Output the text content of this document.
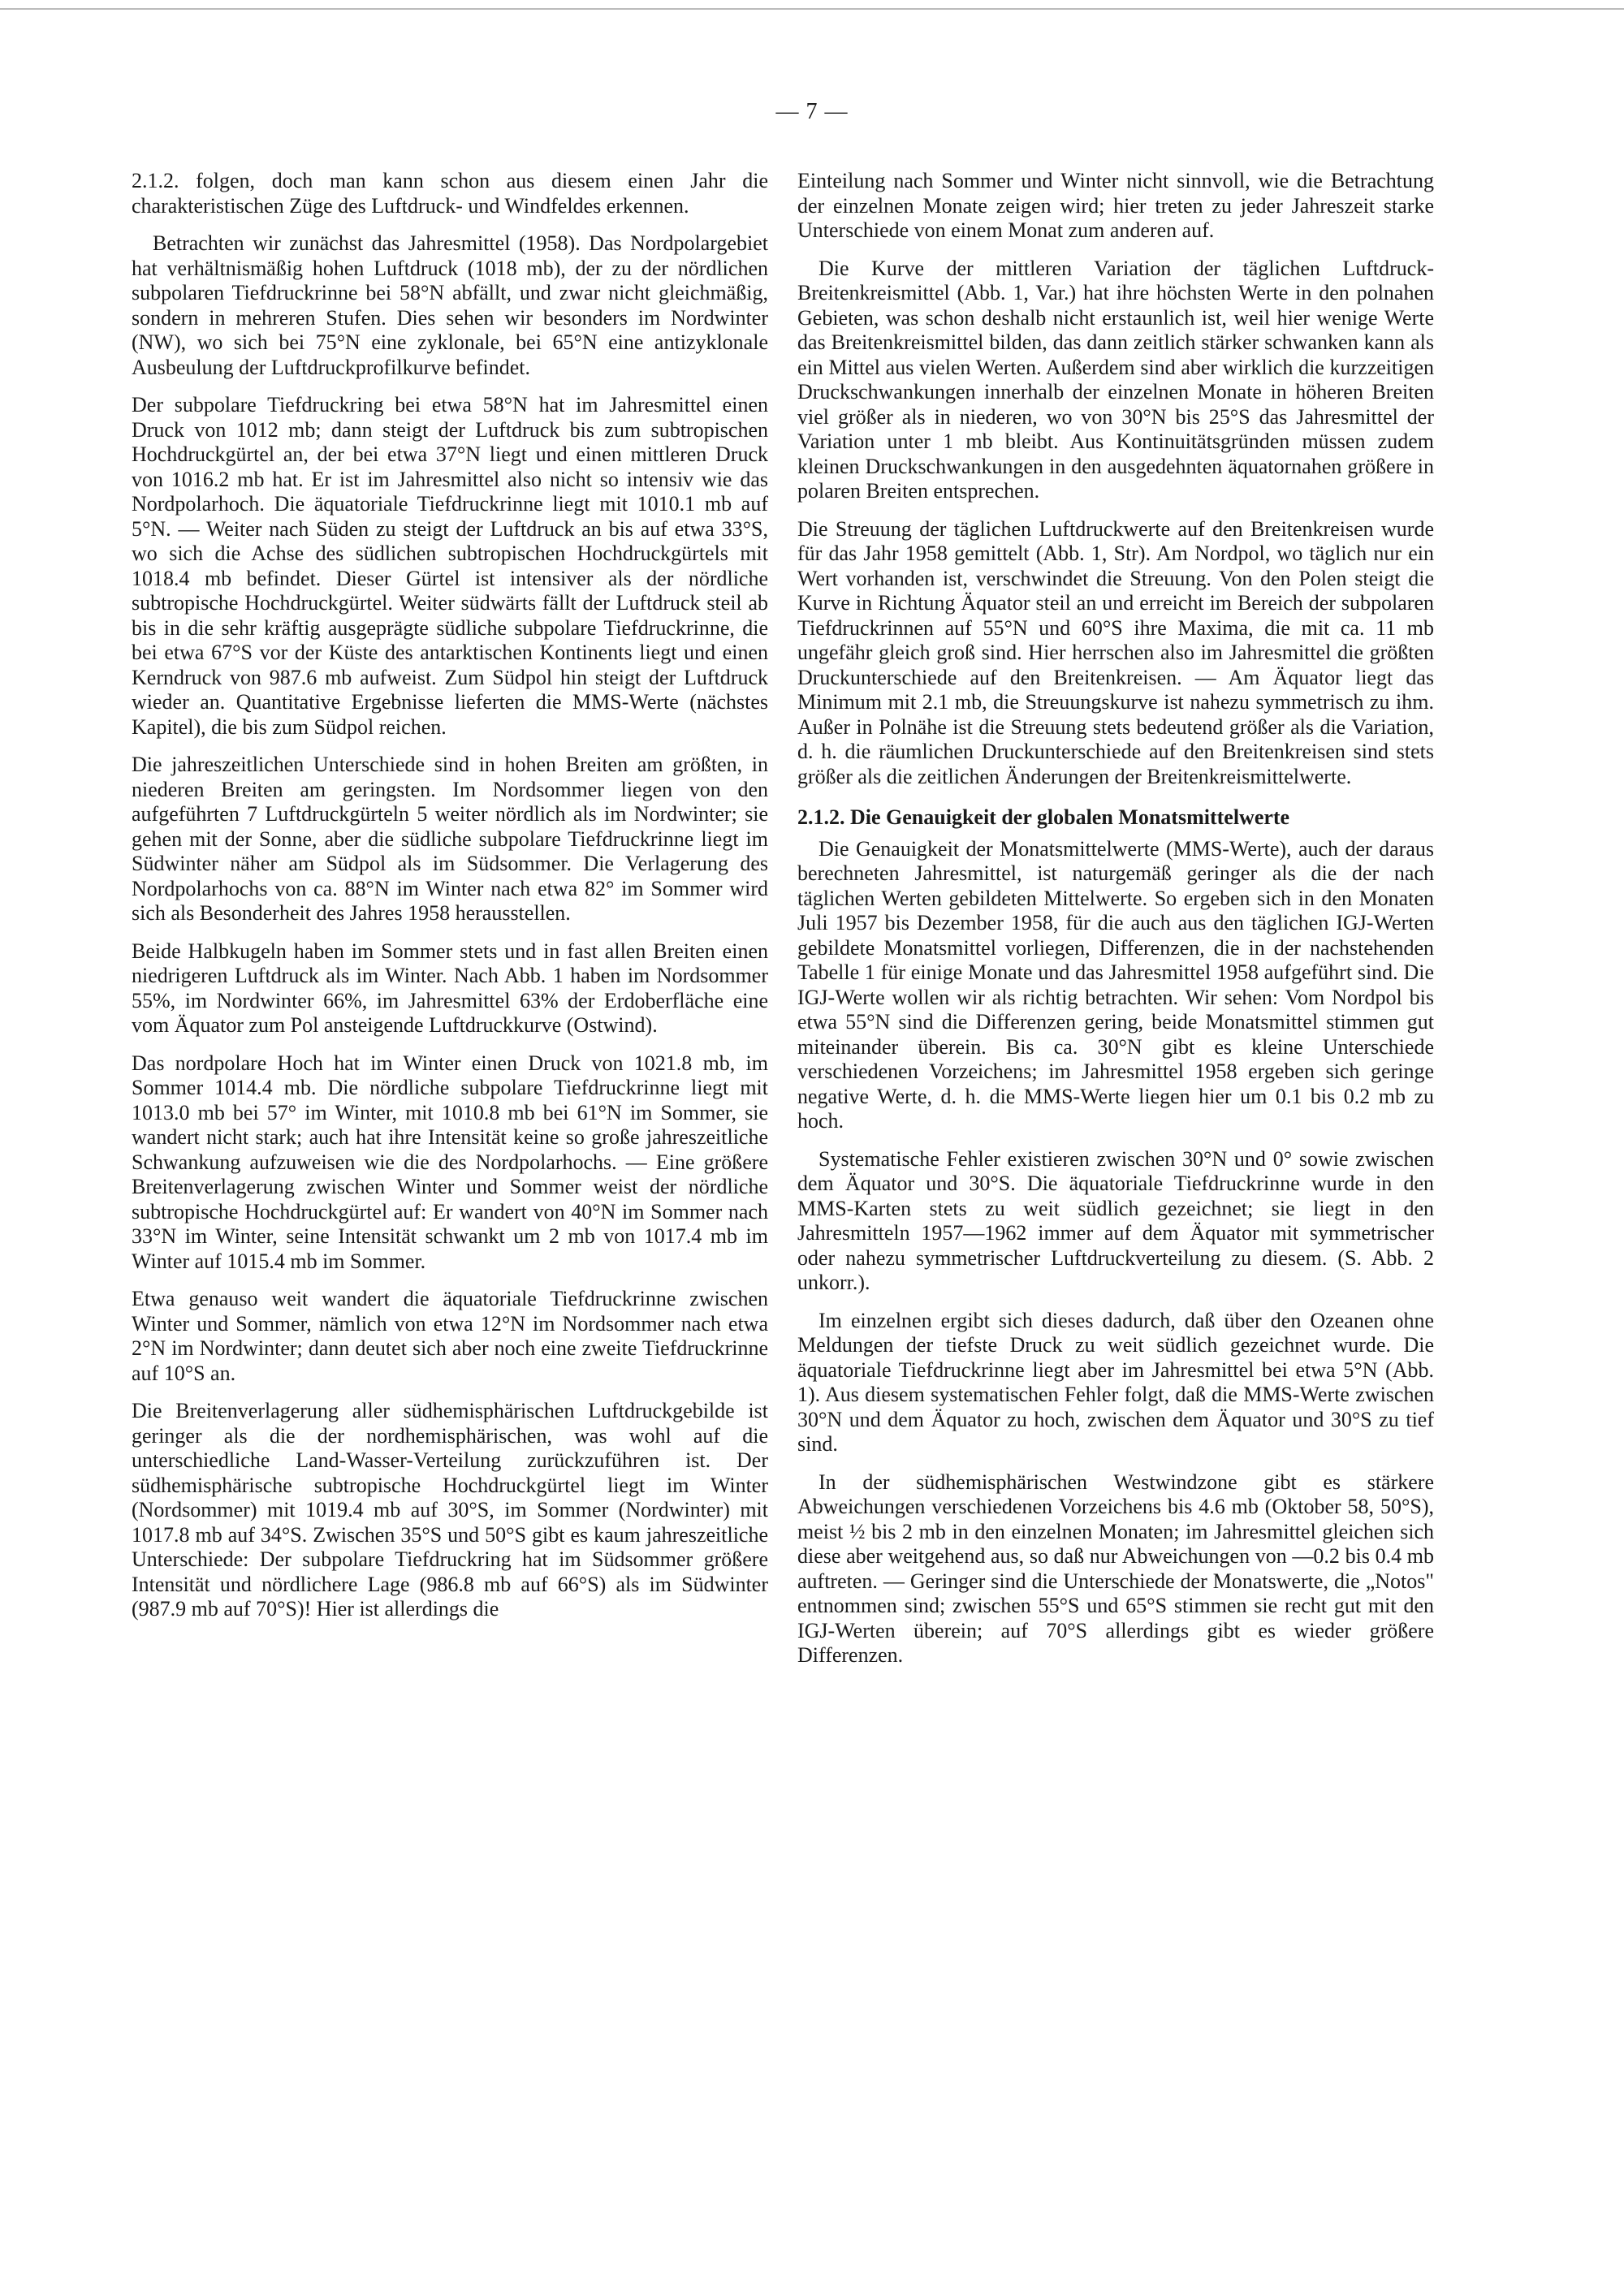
— 7 —

2.1.2. folgen, doch man kann schon aus diesem einen Jahr die charakteristischen Züge des Luftdruck- und Windfeldes erkennen.

Betrachten wir zunächst das Jahresmittel (1958). Das Nordpolargebiet hat verhältnismäßig hohen Luftdruck (1018 mb), der zu der nördlichen subpolaren Tiefdruckrinne bei 58°N abfällt, und zwar nicht gleichmäßig, sondern in mehreren Stufen. Dies sehen wir besonders im Nordwinter (NW), wo sich bei 75°N eine zyklonale, bei 65°N eine antizyklonale Ausbeulung der Luftdruckprofilkurve befindet.

Der subpolare Tiefdruckring bei etwa 58°N hat im Jahresmittel einen Druck von 1012 mb; dann steigt der Luftdruck bis zum subtropischen Hochdruckgürtel an, der bei etwa 37°N liegt und einen mittleren Druck von 1016.2 mb hat. Er ist im Jahresmittel also nicht so intensiv wie das Nordpolarhoch. Die äquatoriale Tiefdruckrinne liegt mit 1010.1 mb auf 5°N. — Weiter nach Süden zu steigt der Luftdruck an bis auf etwa 33°S, wo sich die Achse des südlichen subtropischen Hochdruckgürtels mit 1018.4 mb befindet. Dieser Gürtel ist intensiver als der nördliche subtropische Hochdruckgürtel. Weiter südwärts fällt der Luftdruck steil ab bis in die sehr kräftig ausgeprägte südliche subpolare Tiefdruckrinne, die bei etwa 67°S vor der Küste des antarktischen Kontinents liegt und einen Kerndruck von 987.6 mb aufweist. Zum Südpol hin steigt der Luftdruck wieder an. Quantitative Ergebnisse lieferten die MMS-Werte (nächstes Kapitel), die bis zum Südpol reichen.

Die jahreszeitlichen Unterschiede sind in hohen Breiten am größten, in niederen Breiten am geringsten. Im Nordsommer liegen von den aufgeführten 7 Luftdruckgürteln 5 weiter nördlich als im Nordwinter; sie gehen mit der Sonne, aber die südliche subpolare Tiefdruckrinne liegt im Südwinter näher am Südpol als im Südsommer. Die Verlagerung des Nordpolarhochs von ca. 88°N im Winter nach etwa 82° im Sommer wird sich als Besonderheit des Jahres 1958 herausstellen.

Beide Halbkugeln haben im Sommer stets und in fast allen Breiten einen niedrigeren Luftdruck als im Winter. Nach Abb. 1 haben im Nordsommer 55%, im Nordwinter 66%, im Jahresmittel 63% der Erdoberfläche eine vom Äquator zum Pol ansteigende Luftdruckkurve (Ostwind).

Das nordpolare Hoch hat im Winter einen Druck von 1021.8 mb, im Sommer 1014.4 mb. Die nördliche subpolare Tiefdruckrinne liegt mit 1013.0 mb bei 57° im Winter, mit 1010.8 mb bei 61°N im Sommer, sie wandert nicht stark; auch hat ihre Intensität keine so große jahreszeitliche Schwankung aufzuweisen wie die des Nordpolarhochs. — Eine größere Breitenverlagerung zwischen Winter und Sommer weist der nördliche subtropische Hochdruckgürtel auf: Er wandert von 40°N im Sommer nach 33°N im Winter, seine Intensität schwankt um 2 mb von 1017.4 mb im Winter auf 1015.4 mb im Sommer.

Etwa genauso weit wandert die äquatoriale Tiefdruckrinne zwischen Winter und Sommer, nämlich von etwa 12°N im Nordsommer nach etwa 2°N im Nordwinter; dann deutet sich aber noch eine zweite Tiefdruckrinne auf 10°S an.

Die Breitenverlagerung aller südhemisphärischen Luftdruckgebilde ist geringer als die der nordhemisphärischen, was wohl auf die unterschiedliche Land-Wasser-Verteilung zurückzuführen ist. Der südhemisphärische subtropische Hochdruckgürtel liegt im Winter (Nordsommer) mit 1019.4 mb auf 30°S, im Sommer (Nordwinter) mit 1017.8 mb auf 34°S. Zwischen 35°S und 50°S gibt es kaum jahreszeitliche Unterschiede: Der subpolare Tiefdruckring hat im Südsommer größere Intensität und nördlichere Lage (986.8 mb auf 66°S) als im Südwinter (987.9 mb auf 70°S)! Hier ist allerdings die

Einteilung nach Sommer und Winter nicht sinnvoll, wie die Betrachtung der einzelnen Monate zeigen wird; hier treten zu jeder Jahreszeit starke Unterschiede von einem Monat zum anderen auf.

Die Kurve der mittleren Variation der täglichen Luftdruck-Breitenkreismittel (Abb. 1, Var.) hat ihre höchsten Werte in den polnahen Gebieten, was schon deshalb nicht erstaunlich ist, weil hier wenige Werte das Breitenkreismittel bilden, das dann zeitlich stärker schwanken kann als ein Mittel aus vielen Werten. Außerdem sind aber wirklich die kurzzeitigen Druckschwankungen innerhalb der einzelnen Monate in höheren Breiten viel größer als in niederen, wo von 30°N bis 25°S das Jahresmittel der Variation unter 1 mb bleibt. Aus Kontinuitätsgründen müssen zudem kleinen Druckschwankungen in den ausgedehnten äquatornahen größere in polaren Breiten entsprechen.

Die Streuung der täglichen Luftdruckwerte auf den Breitenkreisen wurde für das Jahr 1958 gemittelt (Abb. 1, Str). Am Nordpol, wo täglich nur ein Wert vorhanden ist, verschwindet die Streuung. Von den Polen steigt die Kurve in Richtung Äquator steil an und erreicht im Bereich der subpolaren Tiefdruckrinnen auf 55°N und 60°S ihre Maxima, die mit ca. 11 mb ungefähr gleich groß sind. Hier herrschen also im Jahresmittel die größten Druckunterschiede auf den Breitenkreisen. — Am Äquator liegt das Minimum mit 2.1 mb, die Streuungskurve ist nahezu symmetrisch zu ihm. Außer in Polnähe ist die Streuung stets bedeutend größer als die Variation, d. h. die räumlichen Druckunterschiede auf den Breitenkreisen sind stets größer als die zeitlichen Änderungen der Breitenkreismittelwerte.

2.1.2. Die Genauigkeit der globalen Monatsmittelwerte

Die Genauigkeit der Monatsmittelwerte (MMS-Werte), auch der daraus berechneten Jahresmittel, ist naturgemäß geringer als die der nach täglichen Werten gebildeten Mittelwerte. So ergeben sich in den Monaten Juli 1957 bis Dezember 1958, für die auch aus den täglichen IGJ-Werten gebildete Monatsmittel vorliegen, Differenzen, die in der nachstehenden Tabelle 1 für einige Monate und das Jahresmittel 1958 aufgeführt sind. Die IGJ-Werte wollen wir als richtig betrachten. Wir sehen: Vom Nordpol bis etwa 55°N sind die Differenzen gering, beide Monatsmittel stimmen gut miteinander überein. Bis ca. 30°N gibt es kleine Unterschiede verschiedenen Vorzeichens; im Jahresmittel 1958 ergeben sich geringe negative Werte, d. h. die MMS-Werte liegen hier um 0.1 bis 0.2 mb zu hoch.

Systematische Fehler existieren zwischen 30°N und 0° sowie zwischen dem Äquator und 30°S. Die äquatoriale Tiefdruckrinne wurde in den MMS-Karten stets zu weit südlich gezeichnet; sie liegt in den Jahresmitteln 1957—1962 immer auf dem Äquator mit symmetrischer oder nahezu symmetrischer Luftdruckverteilung zu diesem. (S. Abb. 2 unkorr.).

Im einzelnen ergibt sich dieses dadurch, daß über den Ozeanen ohne Meldungen der tiefste Druck zu weit südlich gezeichnet wurde. Die äquatoriale Tiefdruckrinne liegt aber im Jahresmittel bei etwa 5°N (Abb. 1). Aus diesem systematischen Fehler folgt, daß die MMS-Werte zwischen 30°N und dem Äquator zu hoch, zwischen dem Äquator und 30°S zu tief sind.

In der südhemisphärischen Westwindzone gibt es stärkere Abweichungen verschiedenen Vorzeichens bis 4.6 mb (Oktober 58, 50°S), meist ½ bis 2 mb in den einzelnen Monaten; im Jahresmittel gleichen sich diese aber weitgehend aus, so daß nur Abweichungen von —0.2 bis 0.4 mb auftreten. — Geringer sind die Unterschiede der Monatswerte, die „Notos" entnommen sind; zwischen 55°S und 65°S stimmen sie recht gut mit den IGJ-Werten überein; auf 70°S allerdings gibt es wieder größere Differenzen.
